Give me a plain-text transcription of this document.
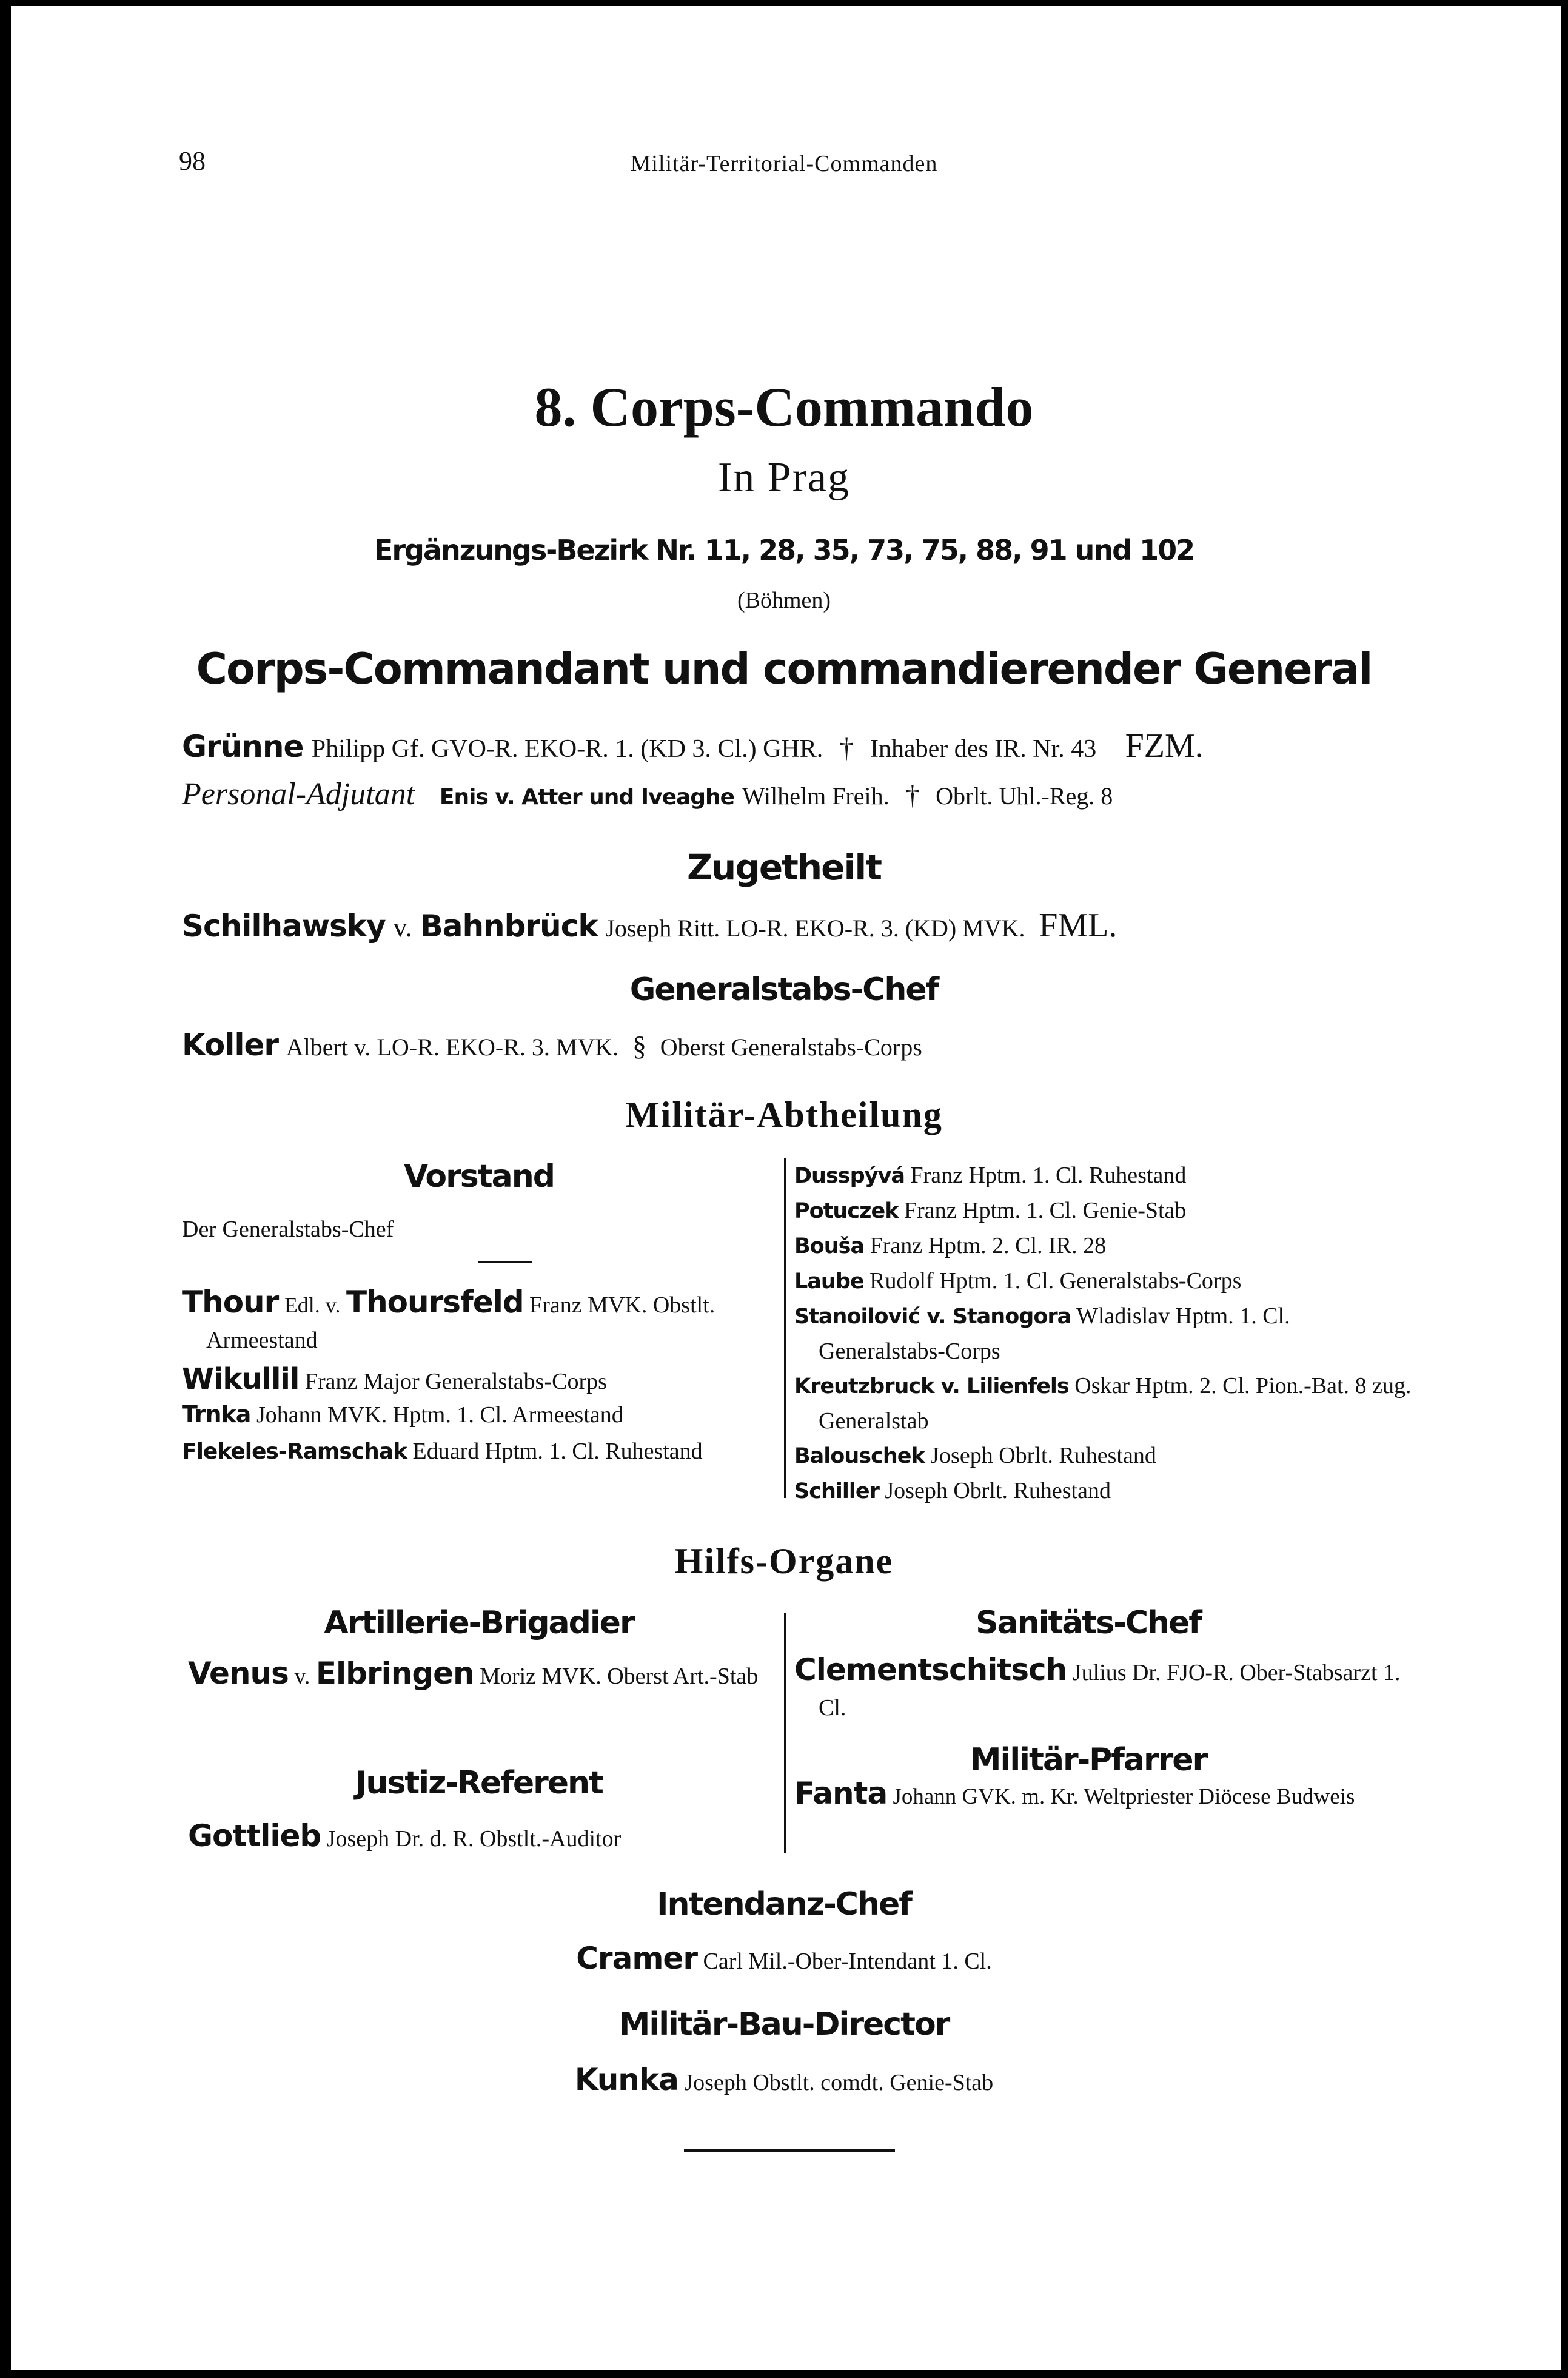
98	Militär-Territorial-Commanden
8. Corps-Commando
In Prag
Ergänzungs-Bezirk Nr. 11, 28, 35, 73, 75, 88, 91 und 102
(Böhmen)
Corps-Commandant und commandierender General
Grünne Philipp Gf. GVO-R. EKO-R. 1. (KD 3. Cl.) GHR. † Inhaber des IR. Nr. 43 FZM.
Personal-Adjutant Enis v. Atter und Iveaghe Wilhelm Freih. † Obrlt. Uhl.-Reg. 8
Zugetheilt
Schilhawsky v. Bahnbrück Joseph Ritt. LO-R. EKO-R. 3. (KD) MVK. FML.
Generalstabs-Chef
Koller Albert v. LO-R. EKO-R. 3. MVK. § Oberst Generalstabs-Corps
Militär-Abtheilung
Vorstand
Der Generalstabs-Chef
Thour Edl. v. Thoursfeld Franz MVK. Obstlt. Armeestand
Wikullil Franz Major Generalstabs-Corps
Trnka Johann MVK. Hptm. 1. Cl. Armeestand
Flekeles-Ramschak Eduard Hptm. 1. Cl. Ruhestand
Dusspývá Franz Hptm. 1. Cl. Ruhestand
Potuczek Franz Hptm. 1. Cl. Genie-Stab
Bouša Franz Hptm. 2. Cl. IR. 28
Laube Rudolf Hptm. 1. Cl. Generalstabs-Corps
Stanoilović v. Stanogora Wladislav Hptm. 1. Cl. Generalstabs-Corps
Kreutzbruck v. Lilienfels Oskar Hptm. 2. Cl. Pion.-Bat. 8 zug. Generalstab
Balouschek Joseph Obrlt. Ruhestand
Schiller Joseph Obrlt. Ruhestand
Hilfs-Organe
Artillerie-Brigadier
Venus v. Elbringen Moriz MVK. Oberst Art.-Stab
Justiz-Referent
Gottlieb Joseph Dr. d. R. Obstlt.-Auditor
Sanitäts-Chef
Clementschitsch Julius Dr. FJO-R. Ober-Stabsarzt 1. Cl.
Militär-Pfarrer
Fanta Johann GVK. m. Kr. Weltpriester Diöcese Budweis
Intendanz-Chef
Cramer Carl Mil.-Ober-Intendant 1. Cl.
Militär-Bau-Director
Kunka Joseph Obstlt. comdt. Genie-Stab
